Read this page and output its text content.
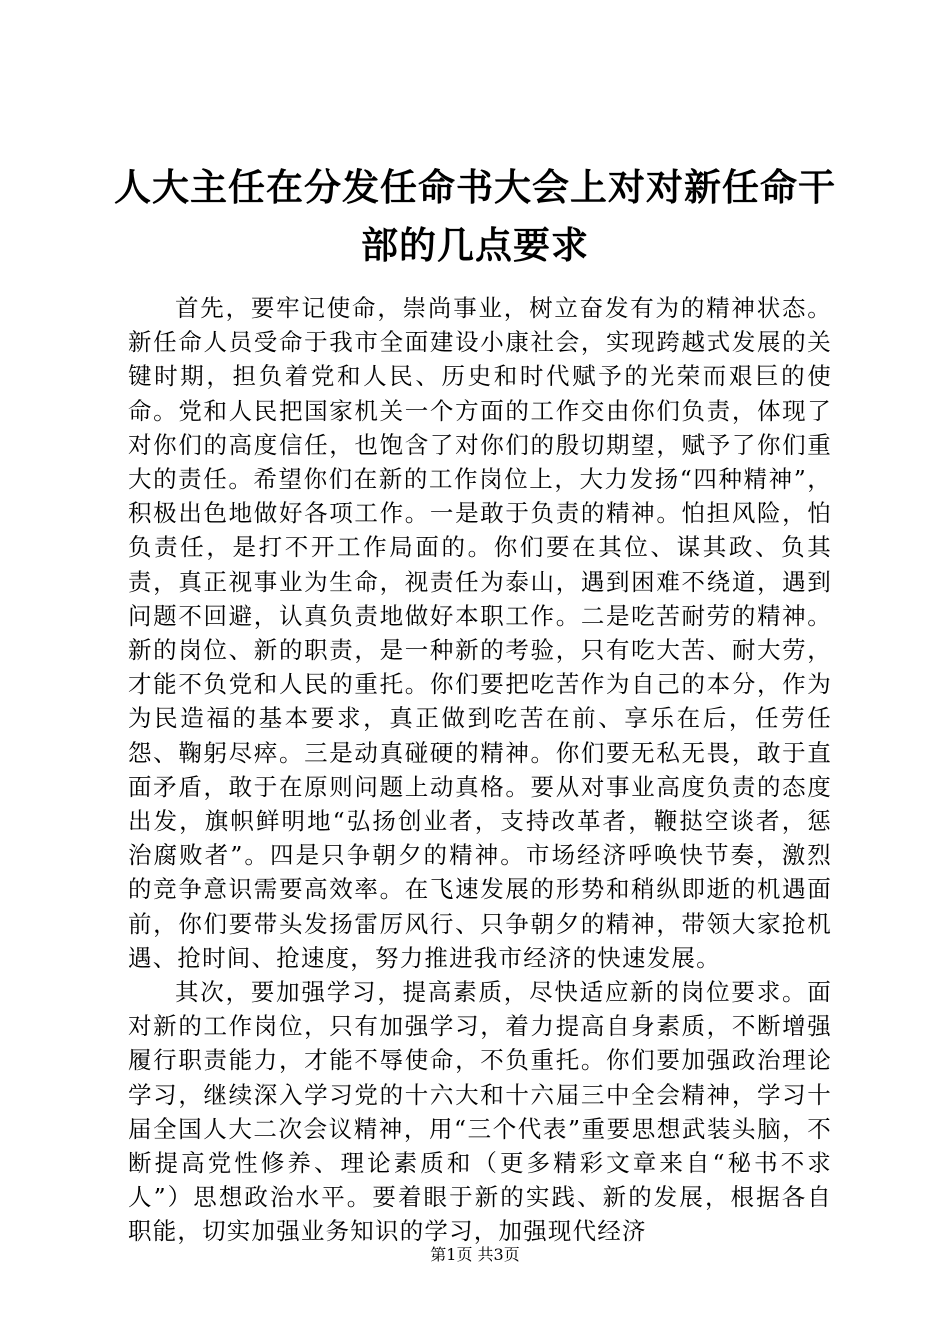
人大主任在分发任命书大会上对对新任命干部的几点要求

首先，要牢记使命，崇尚事业，树立奋发有为的精神状态。新任命人员受命于我市全面建设小康社会，实现跨越式发展的关键时期，担负着党和人民、历史和时代赋予的光荣而艰巨的使命。党和人民把国家机关一个方面的工作交由你们负责，体现了对你们的高度信任，也饱含了对你们的殷切期望，赋予了你们重大的责任。希望你们在新的工作岗位上，大力发扬“四种精神”，积极出色地做好各项工作。一是敢于负责的精神。怕担风险，怕负责任，是打不开工作局面的。你们要在其位、谋其政、负其责，真正视事业为生命，视责任为泰山，遇到困难不绕道，遇到问题不回避，认真负责地做好本职工作。二是吃苦耐劳的精神。新的岗位、新的职责，是一种新的考验，只有吃大苦、耐大劳，才能不负党和人民的重托。你们要把吃苦作为自己的本分，作为为民造福的基本要求，真正做到吃苦在前、享乐在后，任劳任怨、鞠躬尽瘁。三是动真碰硬的精神。你们要无私无畏，敢于直面矛盾，敢于在原则问题上动真格。要从对事业高度负责的态度出发，旗帜鲜明地“弘扬创业者，支持改革者，鞭挞空谈者，惩治腐败者”。四是只争朝夕的精神。市场经济呼唤快节奏，激烈的竞争意识需要高效率。在飞速发展的形势和稍纵即逝的机遇面前，你们要带头发扬雷厉风行、只争朝夕的精神，带领大家抢机遇、抢时间、抢速度，努力推进我市经济的快速发展。

其次，要加强学习，提高素质，尽快适应新的岗位要求。面对新的工作岗位，只有加强学习，着力提高自身素质，不断增强履行职责能力，才能不辱使命，不负重托。你们要加强政治理论学习，继续深入学习党的十六大和十六届三中全会精神，学习十届全国人大二次会议精神，用“三个代表”重要思想武装头脑，不断提高党性修养、理论素质和（更多精彩文章来自“秘书不求人”）思想政治水平。要着眼于新的实践、新的发展，根据各自职能，切实加强业务知识的学习，加强现代经济

第1页 共3页
